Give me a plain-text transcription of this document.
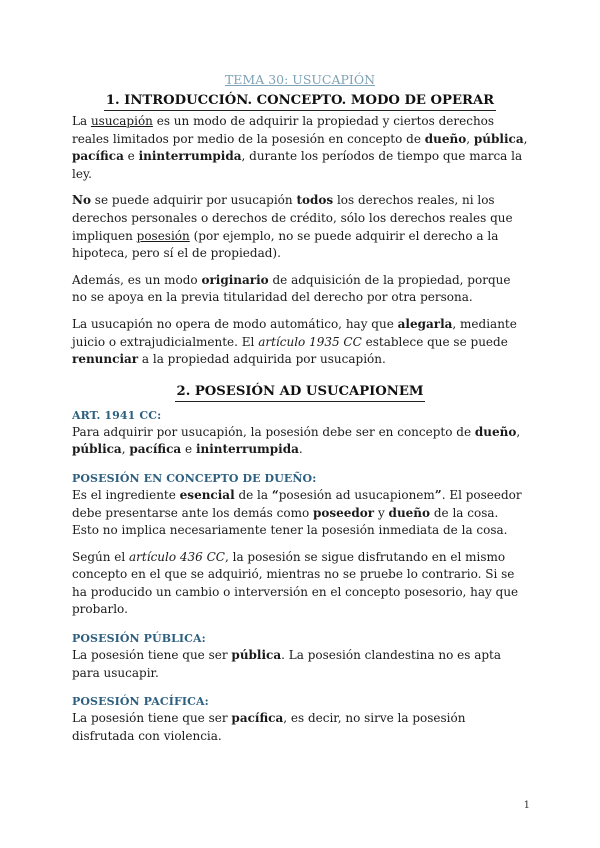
TEMA 30: USUCAPIÓN
1. INTRODUCCIÓN. CONCEPTO. MODO DE OPERAR

La usucapión es un modo de adquirir la propiedad y ciertos derechos reales limitados por medio de la posesión en concepto de dueño, pública, pacífica e ininterrumpida, durante los períodos de tiempo que marca la ley.

No se puede adquirir por usucapión todos los derechos reales, ni los derechos personales o derechos de crédito, sólo los derechos reales que impliquen posesión (por ejemplo, no se puede adquirir el derecho a la hipoteca, pero sí el de propiedad).

Además, es un modo originario de adquisición de la propiedad, porque no se apoya en la previa titularidad del derecho por otra persona.

La usucapión no opera de modo automático, hay que alegarla, mediante juicio o extrajudicialmente. El artículo 1935 CC establece que se puede renunciar a la propiedad adquirida por usucapión.

2. POSESIÓN AD USUCAPIONEM
ART. 1941 CC:

Para adquirir por usucapión, la posesión debe ser en concepto de dueño, pública, pacífica e ininterrumpida.

POSESIÓN EN CONCEPTO DE DUEÑO:

Es el ingrediente esencial de la “posesión ad usucapionem”. El poseedor debe presentarse ante los demás como poseedor y dueño de la cosa. Esto no implica necesariamente tener la posesión inmediata de la cosa.

Según el artículo 436 CC, la posesión se sigue disfrutando en el mismo concepto en el que se adquirió, mientras no se pruebe lo contrario. Si se ha producido un cambio o interversión en el concepto posesorio, hay que probarlo.

POSESIÓN PÚBLICA:

La posesión tiene que ser pública. La posesión clandestina no es apta para usucapir.

POSESIÓN PACÍFICA:

La posesión tiene que ser pacífica, es decir, no sirve la posesión disfrutada con violencia.

1
